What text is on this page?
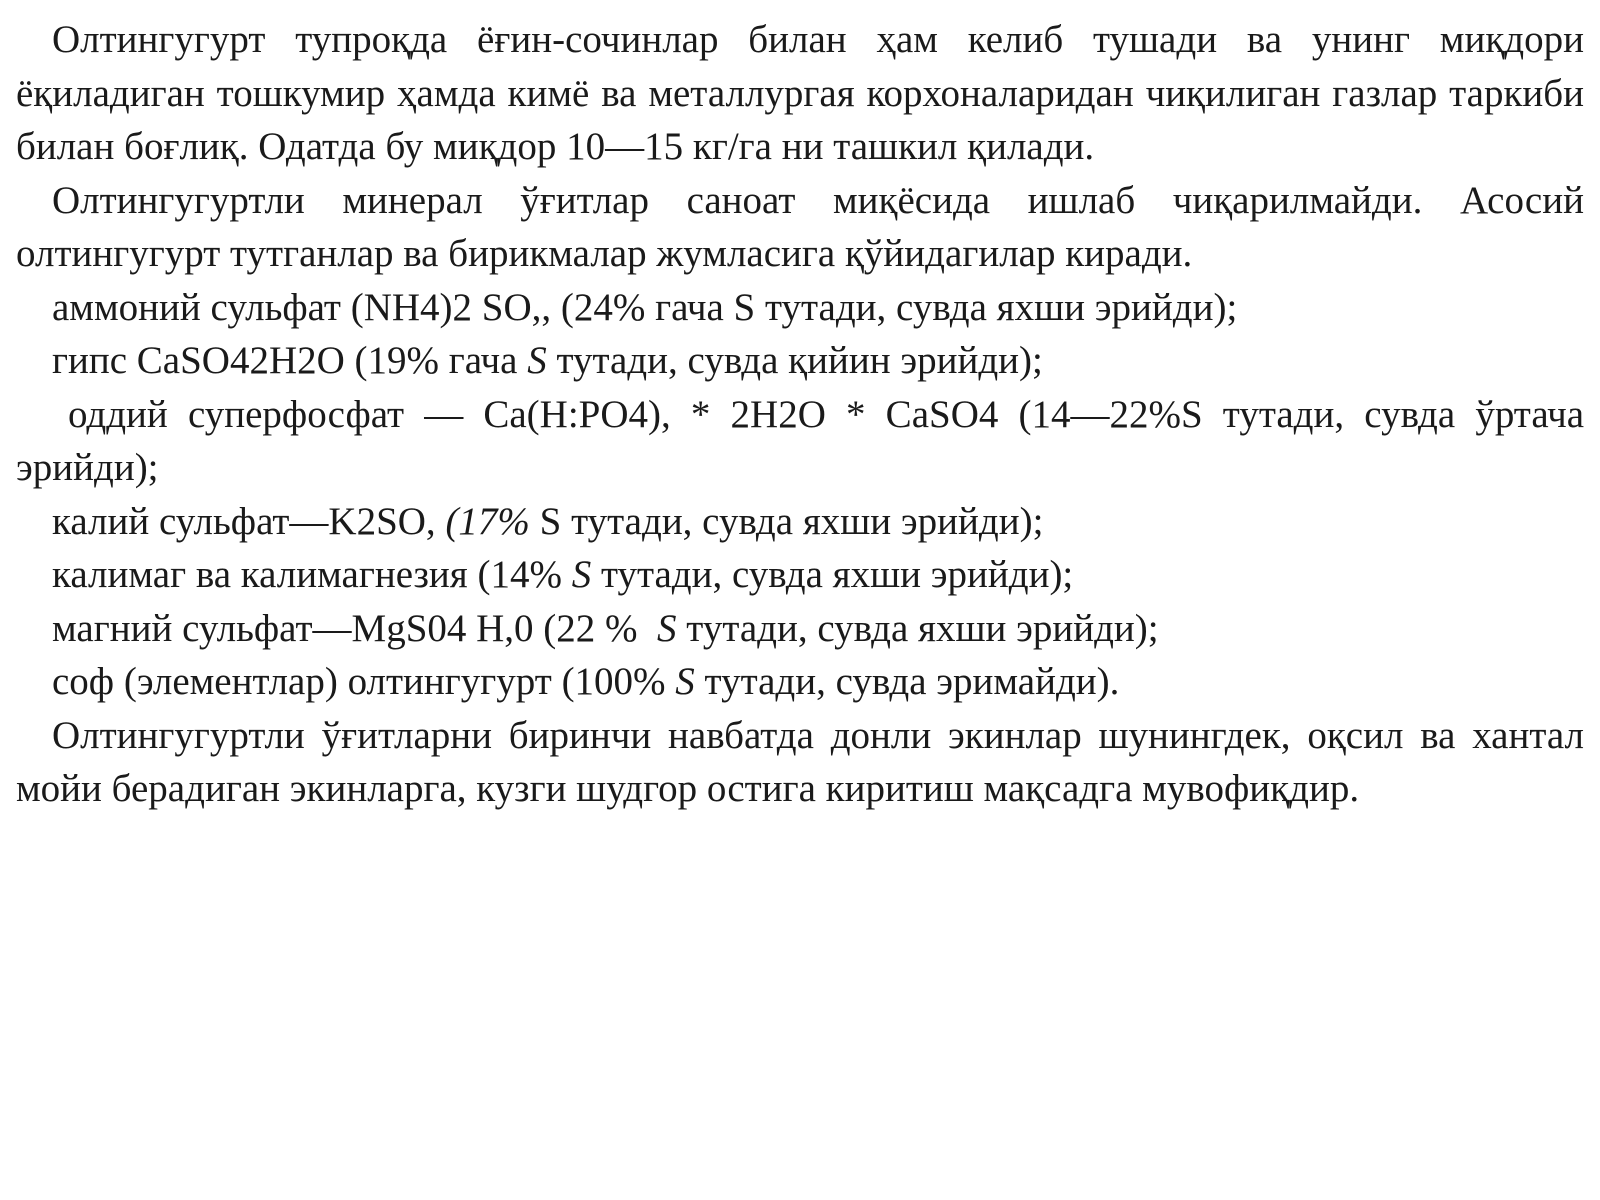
Олтингугурт тупроқда ёғин-сочинлар билан ҳам келиб тушади ва унинг миқдори ёқиладиган тошкумир ҳамда кимё ва металлургая корхоналаридан чиқилиган газлар таркиби билан боғлиқ. Одатда бу миқдор 10—15 кг/га ни ташкил қилади.

Олтингугуртли минерал ўғитлар саноат миқёсида ишлаб чиқарилмайди. Асосий олтингугурт тутганлар ва бирикмалар жумласига қўйидагилар киради.

аммоний сульфат (NH4)2 SO,, (24% гача S тутади, сувда яхши эрийди);

гипс CaSO42H2O (19% гача S тутади, сувда қийин эрийди);

оддий суперфосфат — Ca(H:PO4), * 2H2O * CaSO4 (14—22%S тутади, сувда ўртача эрийди);

калий сульфат—K2SO, (17% S тутади, сувда яхши эрийди);

калимаг ва калимагнезия (14% S тутади, сувда яхши эрийди);

магний сульфат—MgS04 H,0 (22 %  S тутади, сувда яхши эрийди);

соф (элементлар) олтингугурт (100% S тутади, сувда эримайди).

Олтингугуртли ўғитларни биринчи навбатда донли экинлар шунингдек, оқсил ва хантал мойи берадиган экинларга, кузги шудгор остига киритиш мақсадга мувофиқдир.
